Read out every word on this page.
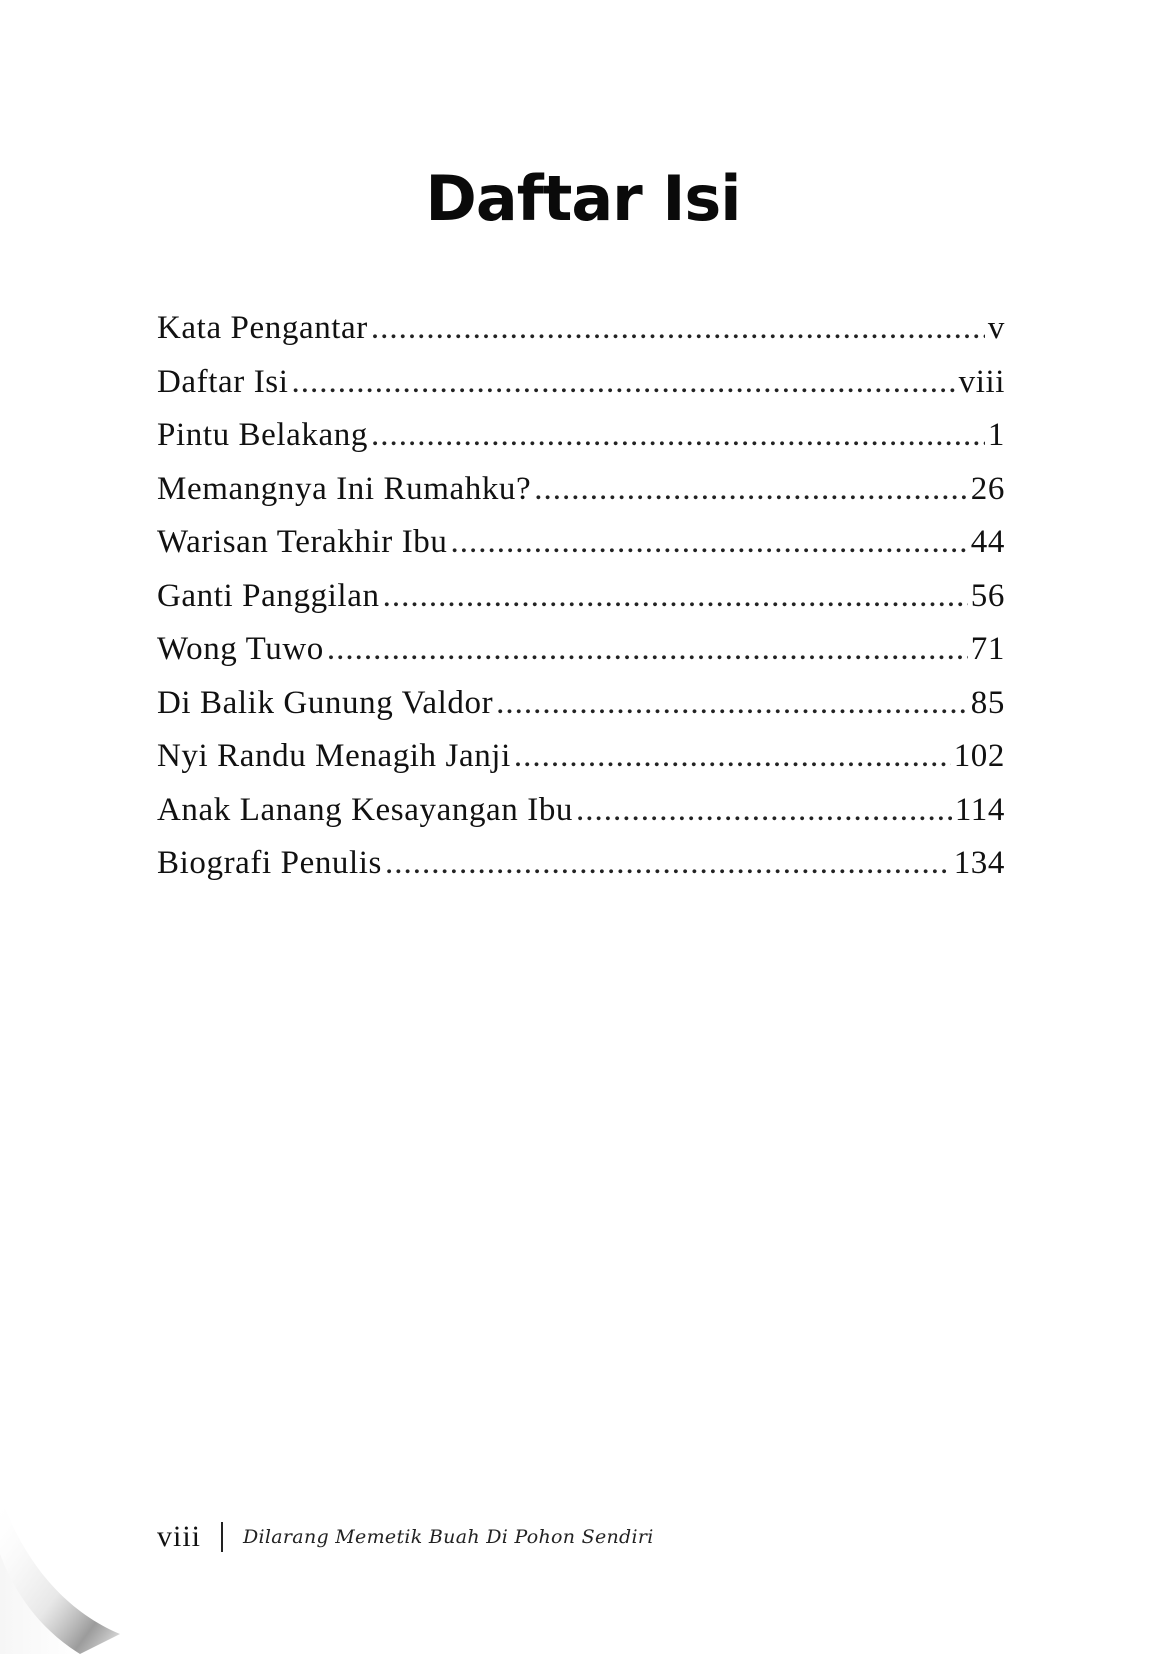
Daftar Isi
Kata Pengantar .....	v
Daftar Isi .....	viii
Pintu Belakang .....	1
Memangnya Ini Rumahku? .....	26
Warisan Terakhir Ibu .....	44
Ganti Panggilan .....	56
Wong Tuwo .....	71
Di Balik Gunung Valdor .....	85
Nyi Randu Menagih Janji .....	102
Anak Lanang Kesayangan Ibu .....	114
Biografi Penulis .....	134
viii Dilarang Memetik Buah Di Pohon Sendiri
